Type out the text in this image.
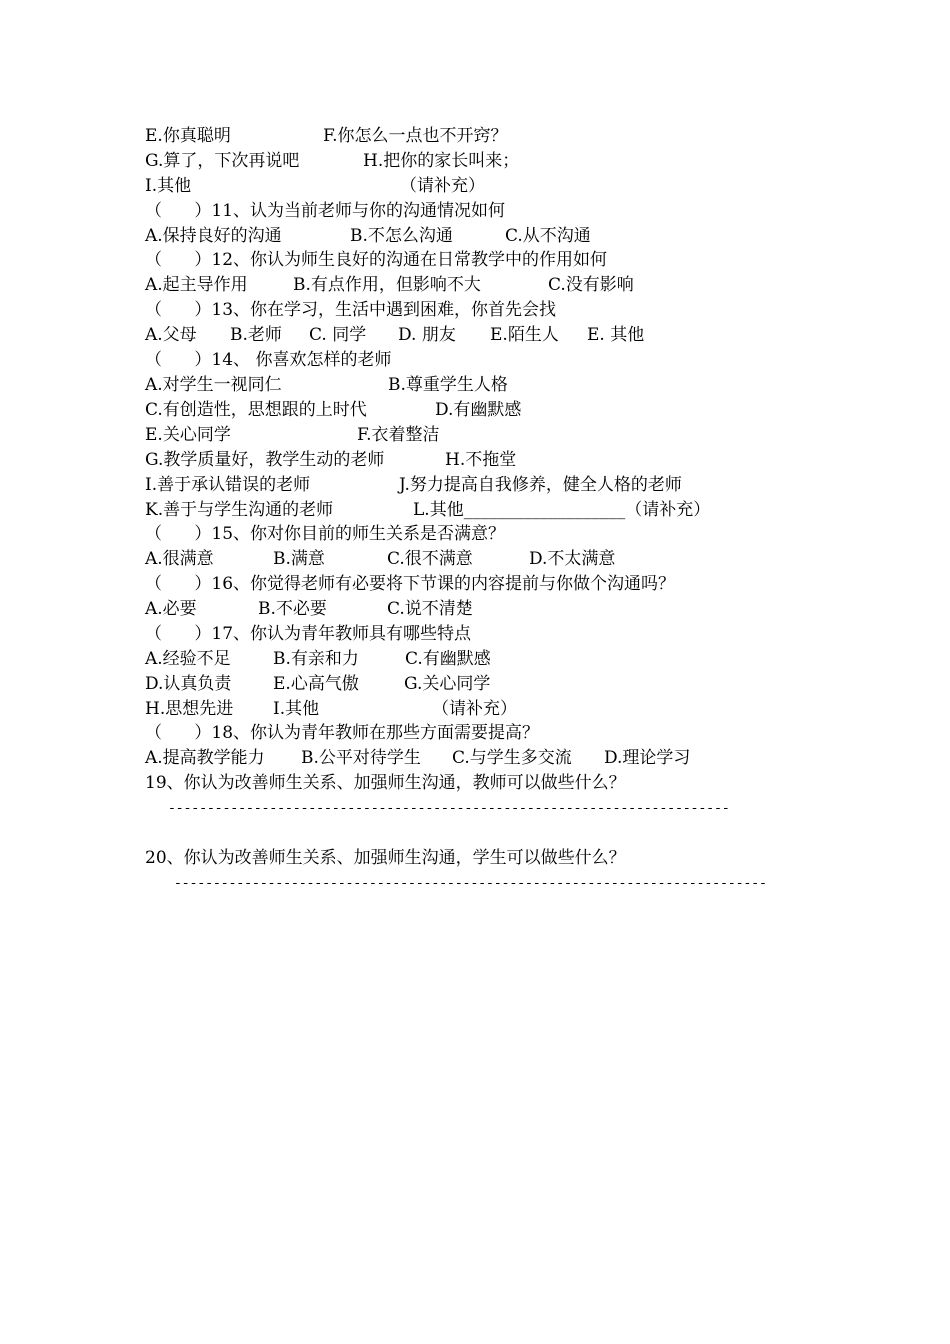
E.你真聪明

	F.你怎么一点也不开窍？

G.算了，下次再说吧

	H.把你的家长叫来；

I.其他

	（请补充）

（      ）11、认为当前老师与你的沟通情况如何

A.保持良好的沟通

	B.不怎么沟通

	C.从不沟通

（      ）12、你认为师生良好的沟通在日常教学中的作用如何

A.起主导作用

	B.有点作用，但影响不大

	C.没有影响

（      ）13、你在学习，生活中遇到困难，你首先会找

A.父母

B.老师

C. 同学

D. 朋友

E.陌生人

E. 其他

（      ）14、 你喜欢怎样的老师

A.对学生一视同仁

	B.尊重学生人格

C.有创造性，思想跟的上时代

	D.有幽默感

E.关心同学

	F.衣着整洁

G.教学质量好，教学生动的老师

	H.不拖堂

I.善于承认错误的老师

	J.努力提高自我修养，健全人格的老师

K.善于与学生沟通的老师

	L.其他___________________（请补充）

（      ）15、你对你目前的师生关系是否满意？

A.很满意

	B.满意

	C.很不满意

	D.不太满意

（      ）16、你觉得老师有必要将下节课的内容提前与你做个沟通吗？

A.必要

	B.不必要

	C.说不清楚

（      ）17、你认为青年教师具有哪些特点

A.经验不足

B.有亲和力

	C.有幽默感

D.认真负责

E.心高气傲

	G.关心同学

H.思想先进

I.其他

	（请补充）

（      ）18、你认为青年教师在那些方面需要提高？

A.提高教学能力

B.公平对待学生

C.与学生多交流

D.理论学习

19、你认为改善师生关系、加强师生沟通，教师可以做些什么？
------------------------------------------------------------------------
20、你认为改善师生关系、加强师生沟通，学生可以做些什么？
----------------------------------------------------------------------------
